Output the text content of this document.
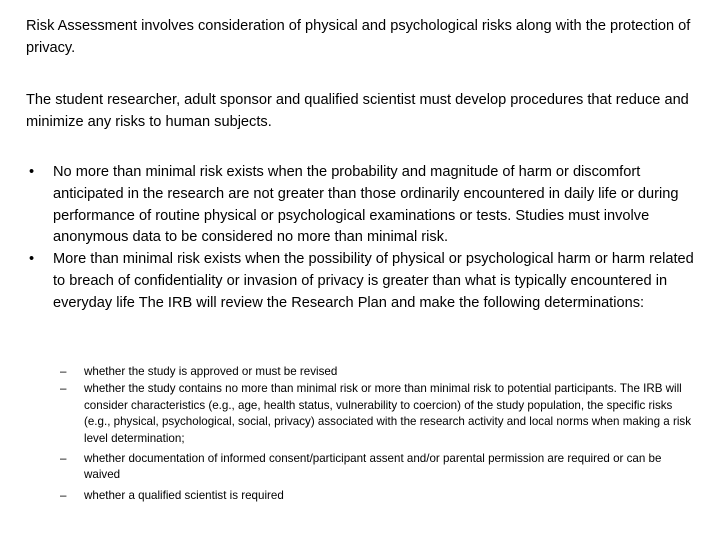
Risk Assessment involves consideration of physical and psychological risks along with the protection of privacy.

The student researcher, adult sponsor and qualified scientist must develop procedures that reduce and minimize any risks to human subjects.

• No more than minimal risk exists when the probability and magnitude of harm or discomfort anticipated in the research are not greater than those ordinarily encountered in daily life or during performance of routine physical or psychological examinations or tests. Studies must involve anonymous data to be considered no more than minimal risk.
• More than minimal risk exists when the possibility of physical or psychological harm or harm related to breach of confidentiality or invasion of privacy is greater than what is typically encountered in everyday life The IRB will review the Research Plan and make the following determinations:
– whether the study is approved or must be revised
– whether the study contains no more than minimal risk or more than minimal risk to potential participants. The IRB will consider characteristics (e.g., age, health status, vulnerability to coercion) of the study population, the specific risks (e.g., physical, psychological, social, privacy) associated with the research activity and local norms when making a risk level determination;
– whether documentation of informed consent/participant assent and/or parental permission are required or can be waived
– whether a qualified scientist is required
